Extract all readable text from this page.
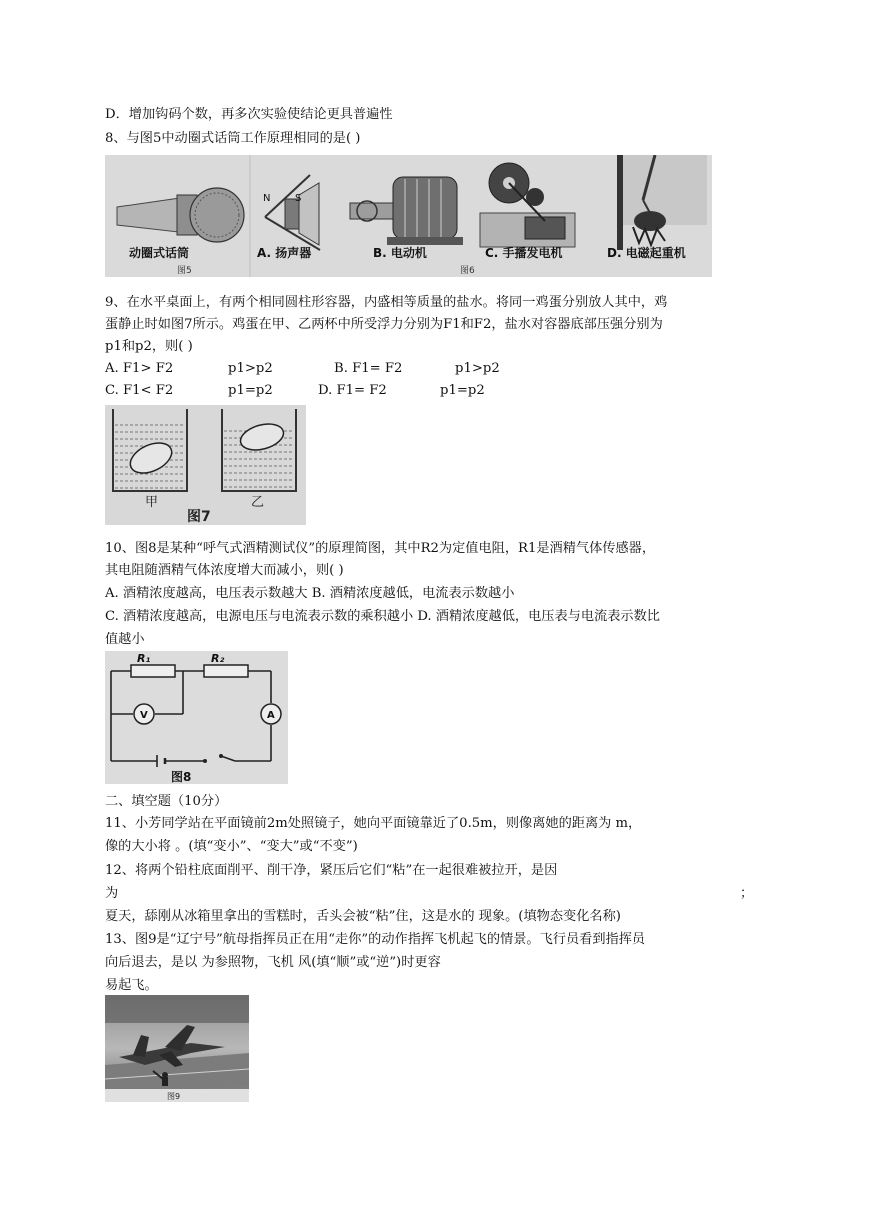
D．增加钩码个数，再多次实验使结论更具普遍性
8、与图5中动圈式话筒工作原理相同的是( )
N S
动圈式话筒	A. 扬声器	B. 电动机	C. 手播发电机	D. 电磁起重机
图5	图6
9、在水平桌面上，有两个相同圆柱形容器，内盛相等质量的盐水。将同一鸡蛋分别放人其中，鸡
蛋静止时如图7所示。鸡蛋在甲、乙两杯中所受浮力分别为F1和F2，盐水对容器底部压强分别为
p1和p2，则( )
A. F1> F2	p1>p2	B. F1= F2	p1>p2
C. F1< F2	p1=p2	D. F1= F2	p1=p2
甲	乙
图7
10、图8是某种“呼气式酒精测试仪”的原理简图，其中R2为定值电阻，R1是酒精气体传感器，
其电阻随酒精气体浓度增大而减小，则( )
A. 酒精浓度越高，电压表示数越大 B. 酒精浓度越低，电流表示数越小
C. 酒精浓度越高，电源电压与电流表示数的乘积越小 D. 酒精浓度越低，电压表与电流表示数比
值越小
R₁	R₂
V	A
图8
二、填空题（10分）
11、小芳同学站在平面镜前2m处照镜子，她向平面镜靠近了0.5m，则像离她的距离为 m，
像的大小将 。(填“变小”、“变大”或“不变”)
12、将两个铅柱底面削平、削干净，紧压后它们“粘”在一起很难被拉开，是因
为	；
夏天，舔刚从冰箱里拿出的雪糕时，舌头会被“粘”住，这是水的 现象。(填物态变化名称)
13、图9是“辽宁号”航母指挥员正在用“走你”的动作指挥飞机起飞的情景。飞行员看到指挥员
向后退去，是以 为参照物，飞机 风(填“顺”或“逆”)时更容
易起飞。
图9
